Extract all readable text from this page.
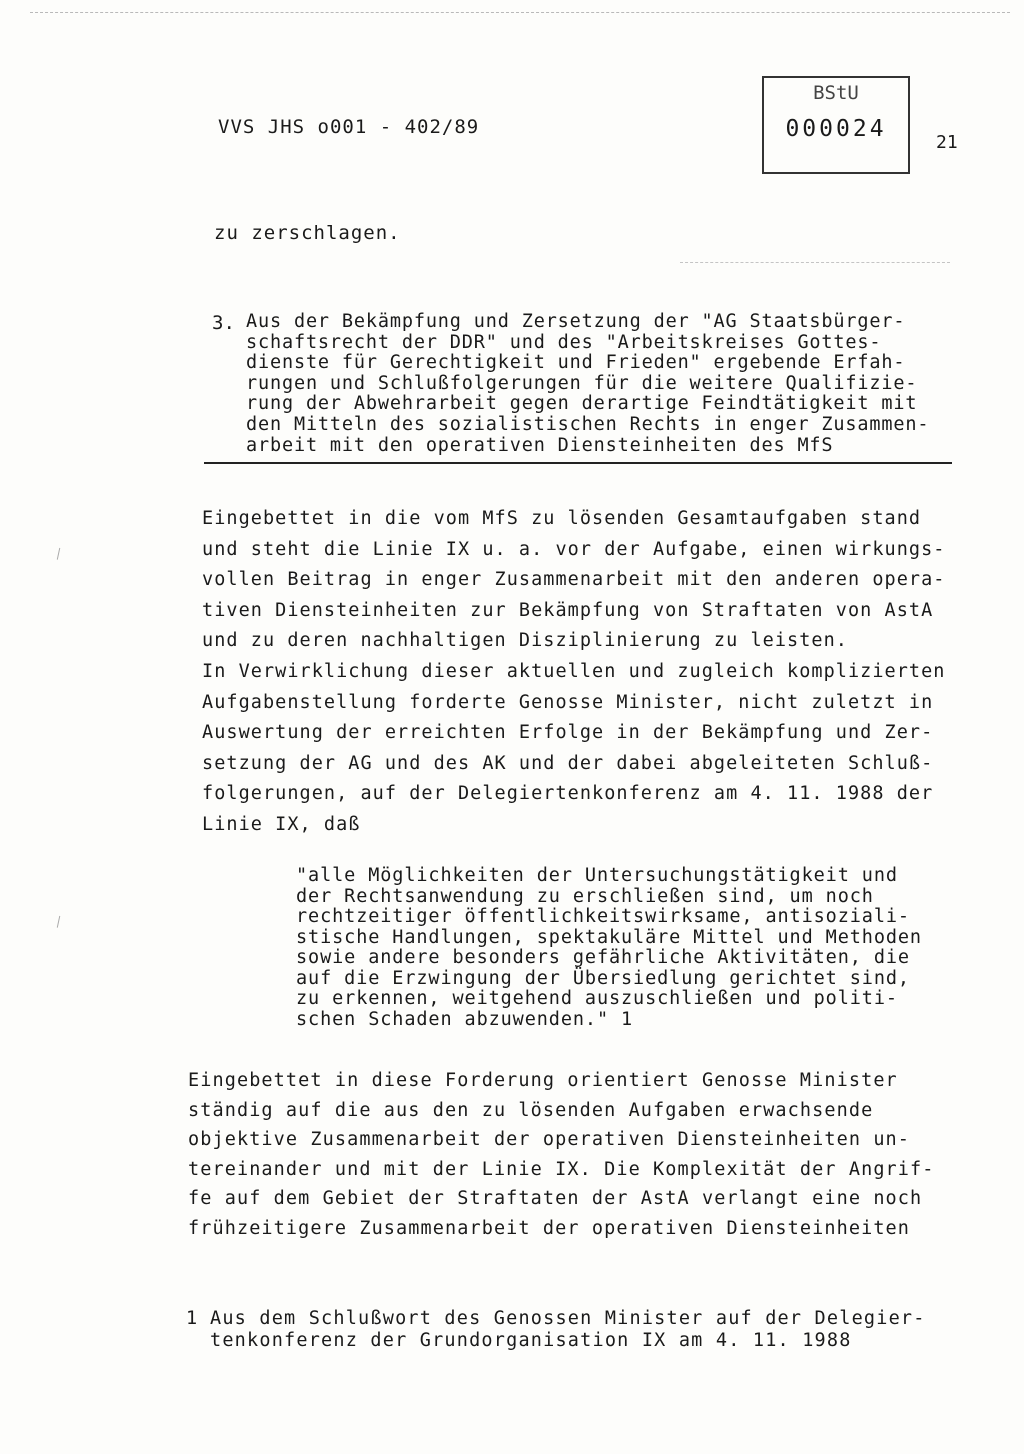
VVS JHS o001 - 402/89
BStU
000024
21
zu zerschlagen.
3. Aus der Bekämpfung und Zersetzung der "AG Staatsbürger-
schaftsrecht der DDR" und des "Arbeitskreises Gottes-
dienste für Gerechtigkeit und Frieden" ergebende Erfah-
rungen und Schlußfolgerungen für die weitere Qualifizie-
rung der Abwehrarbeit gegen derartige Feindtätigkeit mit
den Mitteln des sozialistischen Rechts in enger Zusammen-
arbeit mit den operativen Diensteinheiten des MfS
Eingebettet in die vom MfS zu lösenden Gesamtaufgaben stand
und steht die Linie IX u. a. vor der Aufgabe, einen wirkungs-
vollen Beitrag in enger Zusammenarbeit mit den anderen opera-
tiven Diensteinheiten zur Bekämpfung von Straftaten von AstA
und zu deren nachhaltigen Disziplinierung zu leisten.
In Verwirklichung dieser aktuellen und zugleich komplizierten
Aufgabenstellung forderte Genosse Minister, nicht zuletzt in
Auswertung der erreichten Erfolge in der Bekämpfung und Zer-
setzung der AG und des AK und der dabei abgeleiteten Schluß-
folgerungen, auf der Delegiertenkonferenz am 4. 11. 1988 der
Linie IX, daß
"alle Möglichkeiten der Untersuchungstätigkeit und
der Rechtsanwendung zu erschließen sind, um noch
rechtzeitiger öffentlichkeitswirksame, antisoziali-
stische Handlungen, spektakuläre Mittel und Methoden
sowie andere besonders gefährliche Aktivitäten, die
auf die Erzwingung der Übersiedlung gerichtet sind,
zu erkennen, weitgehend auszuschließen und politi-
schen Schaden abzuwenden." 1
Eingebettet in diese Forderung orientiert Genosse Minister
ständig auf die aus den zu lösenden Aufgaben erwachsende
objektive Zusammenarbeit der operativen Diensteinheiten un-
tereinander und mit der Linie IX. Die Komplexität der Angrif-
fe auf dem Gebiet der Straftaten der AstA verlangt eine noch
frühzeitigere Zusammenarbeit der operativen Diensteinheiten
1 Aus dem Schlußwort des Genossen Minister auf der Delegier-
tenkonferenz der Grundorganisation IX am 4. 11. 1988
